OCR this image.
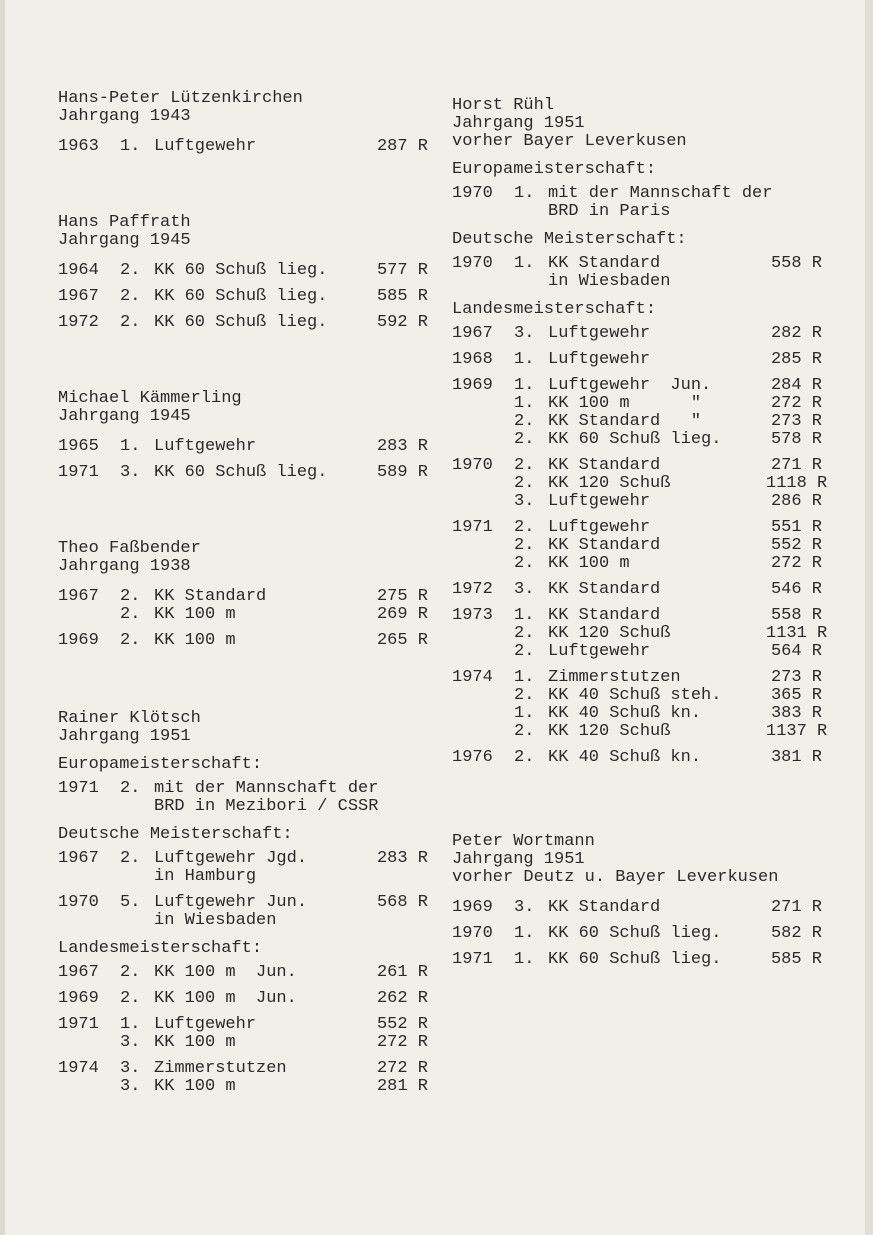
Hans-Peter Lützenkirchen
Jahrgang 1943
1963	1. Luftgewehr	287 R
Hans Paffrath
Jahrgang 1945
1964	2. KK 60 Schuß lieg.	577 R
1967	2. KK 60 Schuß lieg.	585 R
1972	2. KK 60 Schuß lieg.	592 R
Michael Kämmerling
Jahrgang 1945
1965	1. Luftgewehr	283 R
1971	3. KK 60 Schuß lieg.	589 R
Theo Faßbender
Jahrgang 1938
1967	2. KK Standard	275 R
2. KK 100 m	269 R
1969	2. KK 100 m	265 R
Rainer Klötsch
Jahrgang 1951
Europameisterschaft:
1971	2. mit der Mannschaft der
BRD in Mezibori / CSSR
Deutsche Meisterschaft:
1967	2. Luftgewehr Jgd.	283 R
in Hamburg
1970	5. Luftgewehr Jun.	568 R
in Wiesbaden
Landesmeisterschaft:
1967	2. KK 100 m  Jun.	261 R
1969	2. KK 100 m  Jun.	262 R
1971	1. Luftgewehr	552 R
3. KK 100 m	272 R
1974	3. Zimmerstutzen	272 R
3. KK 100 m	281 R
Horst Rühl
Jahrgang 1951
vorher Bayer Leverkusen
Europameisterschaft:
1970	1. mit der Mannschaft der
BRD in Paris
Deutsche Meisterschaft:
1970	1. KK Standard	558 R
in Wiesbaden
Landesmeisterschaft:
1967	3. Luftgewehr	282 R
1968	1. Luftgewehr	285 R
1969	1. Luftgewehr  Jun.	284 R
1. KK 100 m      "	272 R
2. KK Standard   "	273 R
2. KK 60 Schuß lieg.	578 R
1970	2. KK Standard	271 R
2. KK 120 Schuß	1118 R
3. Luftgewehr	286 R
1971	2. Luftgewehr	551 R
2. KK Standard	552 R
2. KK 100 m	272 R
1972	3. KK Standard	546 R
1973	1. KK Standard	558 R
2. KK 120 Schuß	1131 R
2. Luftgewehr	564 R
1974	1. Zimmerstutzen	273 R
2. KK 40 Schuß steh.	365 R
1. KK 40 Schuß kn.	383 R
2. KK 120 Schuß	1137 R
1976	2. KK 40 Schuß kn.	381 R
Peter Wortmann
Jahrgang 1951
vorher Deutz u. Bayer Leverkusen
1969	3. KK Standard	271 R
1970	1. KK 60 Schuß lieg.	582 R
1971	1. KK 60 Schuß lieg.	585 R
